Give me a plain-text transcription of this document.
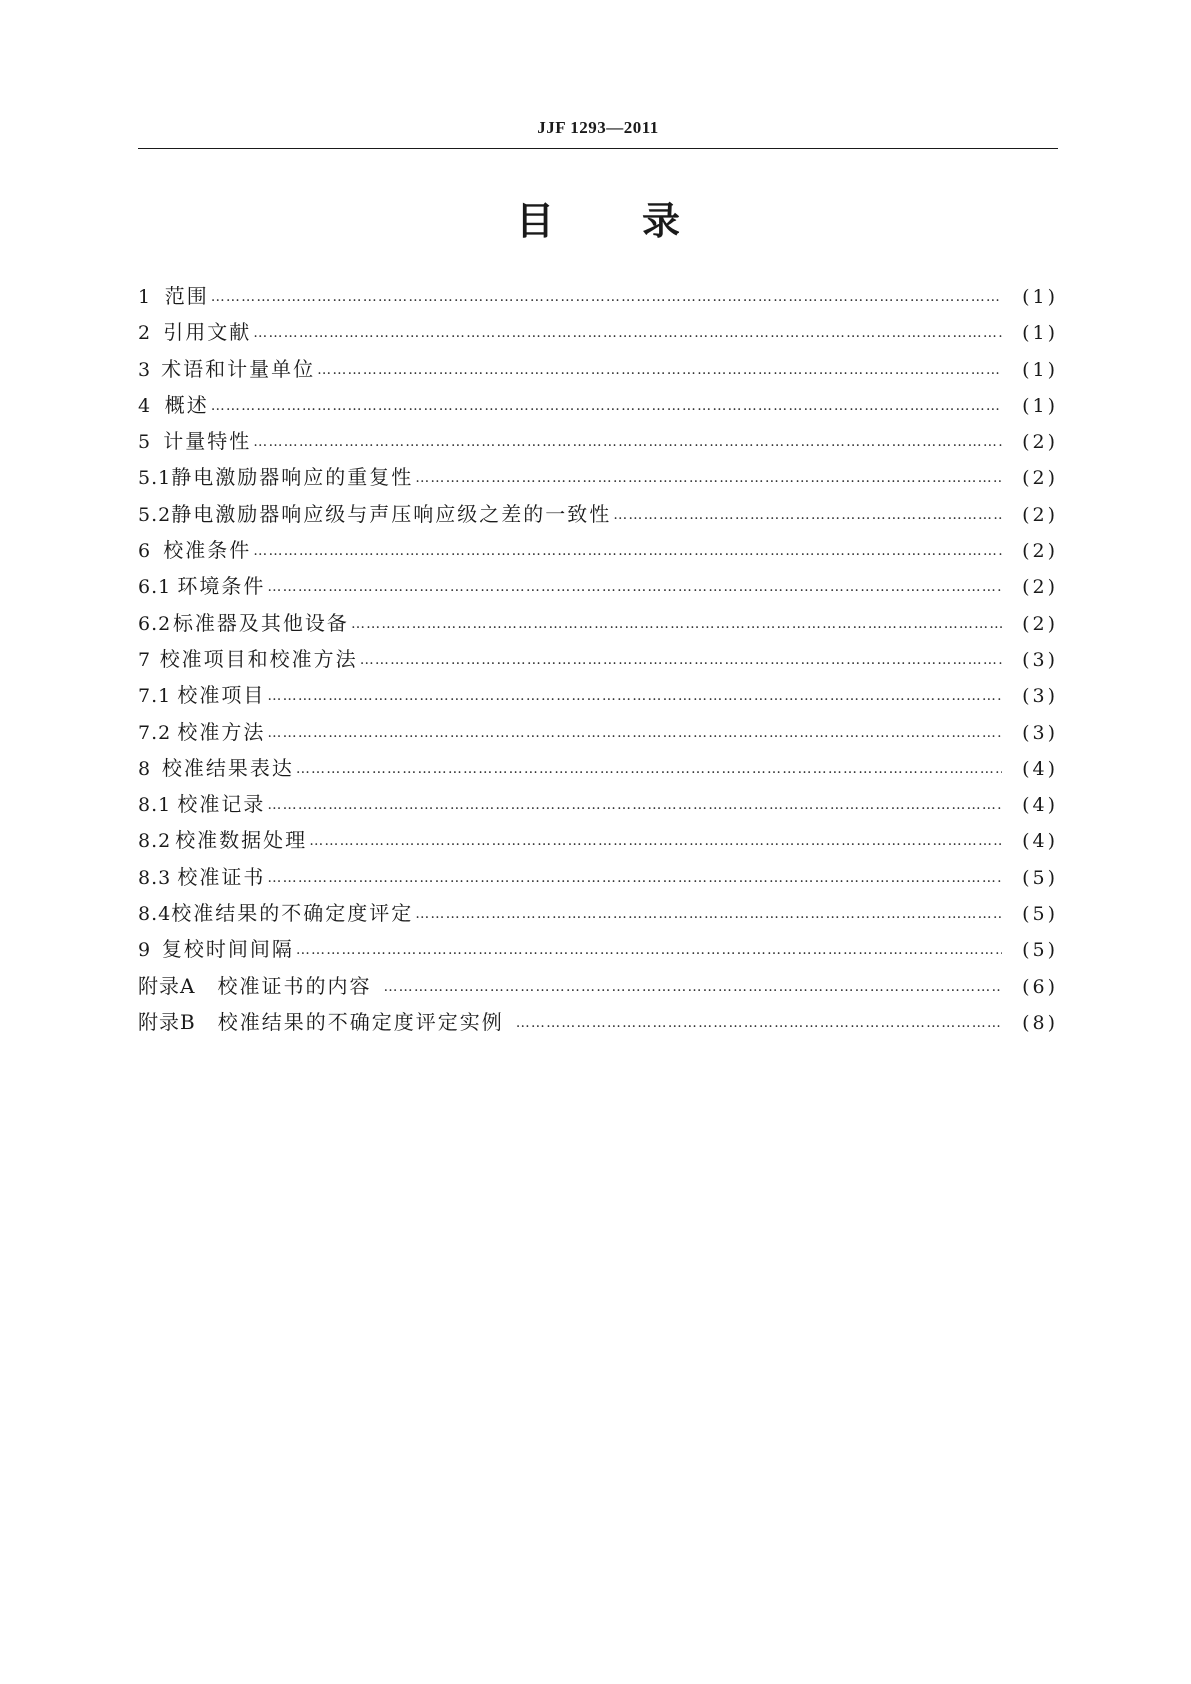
JJF 1293—2011
目 录
1 范围 …………………………………………………………………………………………………………………………………………………………………………………………………………	(1)
2 引用文献 …………………………………………………………………………………………………………………………………………………………………………………………………………	(1)
3 术语和计量单位 …………………………………………………………………………………………………………………………………………………………………………………………………………	(1)
4 概述 …………………………………………………………………………………………………………………………………………………………………………………………………………	(1)
5 计量特性 …………………………………………………………………………………………………………………………………………………………………………………………………………	(2)
5.1 静电激励器响应的重复性 …………………………………………………………………………………………………………………………………………………………………………………………………………	(2)
5.2 静电激励器响应级与声压响应级之差的一致性 …………………………………………………………………………………………………………………………………………………………………………………………………………	(2)
6 校准条件 …………………………………………………………………………………………………………………………………………………………………………………………………………	(2)
6.1 环境条件 …………………………………………………………………………………………………………………………………………………………………………………………………………	(2)
6.2 标准器及其他设备 …………………………………………………………………………………………………………………………………………………………………………………………………………	(2)
7 校准项目和校准方法 …………………………………………………………………………………………………………………………………………………………………………………………………………	(3)
7.1 校准项目 …………………………………………………………………………………………………………………………………………………………………………………………………………	(3)
7.2 校准方法 …………………………………………………………………………………………………………………………………………………………………………………………………………	(3)
8 校准结果表达 …………………………………………………………………………………………………………………………………………………………………………………………………………	(4)
8.1 校准记录 …………………………………………………………………………………………………………………………………………………………………………………………………………	(4)
8.2 校准数据处理 …………………………………………………………………………………………………………………………………………………………………………………………………………	(4)
8.3 校准证书 …………………………………………………………………………………………………………………………………………………………………………………………………………	(5)
8.4 校准结果的不确定度评定 …………………………………………………………………………………………………………………………………………………………………………………………………………	(5)
9 复校时间间隔 …………………………………………………………………………………………………………………………………………………………………………………………………………	(5)
附录A	校准证书的内容 …………………………………………………………………………………………………………………………………………………………………………………………………………	(6)
附录B	校准结果的不确定度评定实例 …………………………………………………………………………………………………………………………………………………………………………………………………………	(8)
